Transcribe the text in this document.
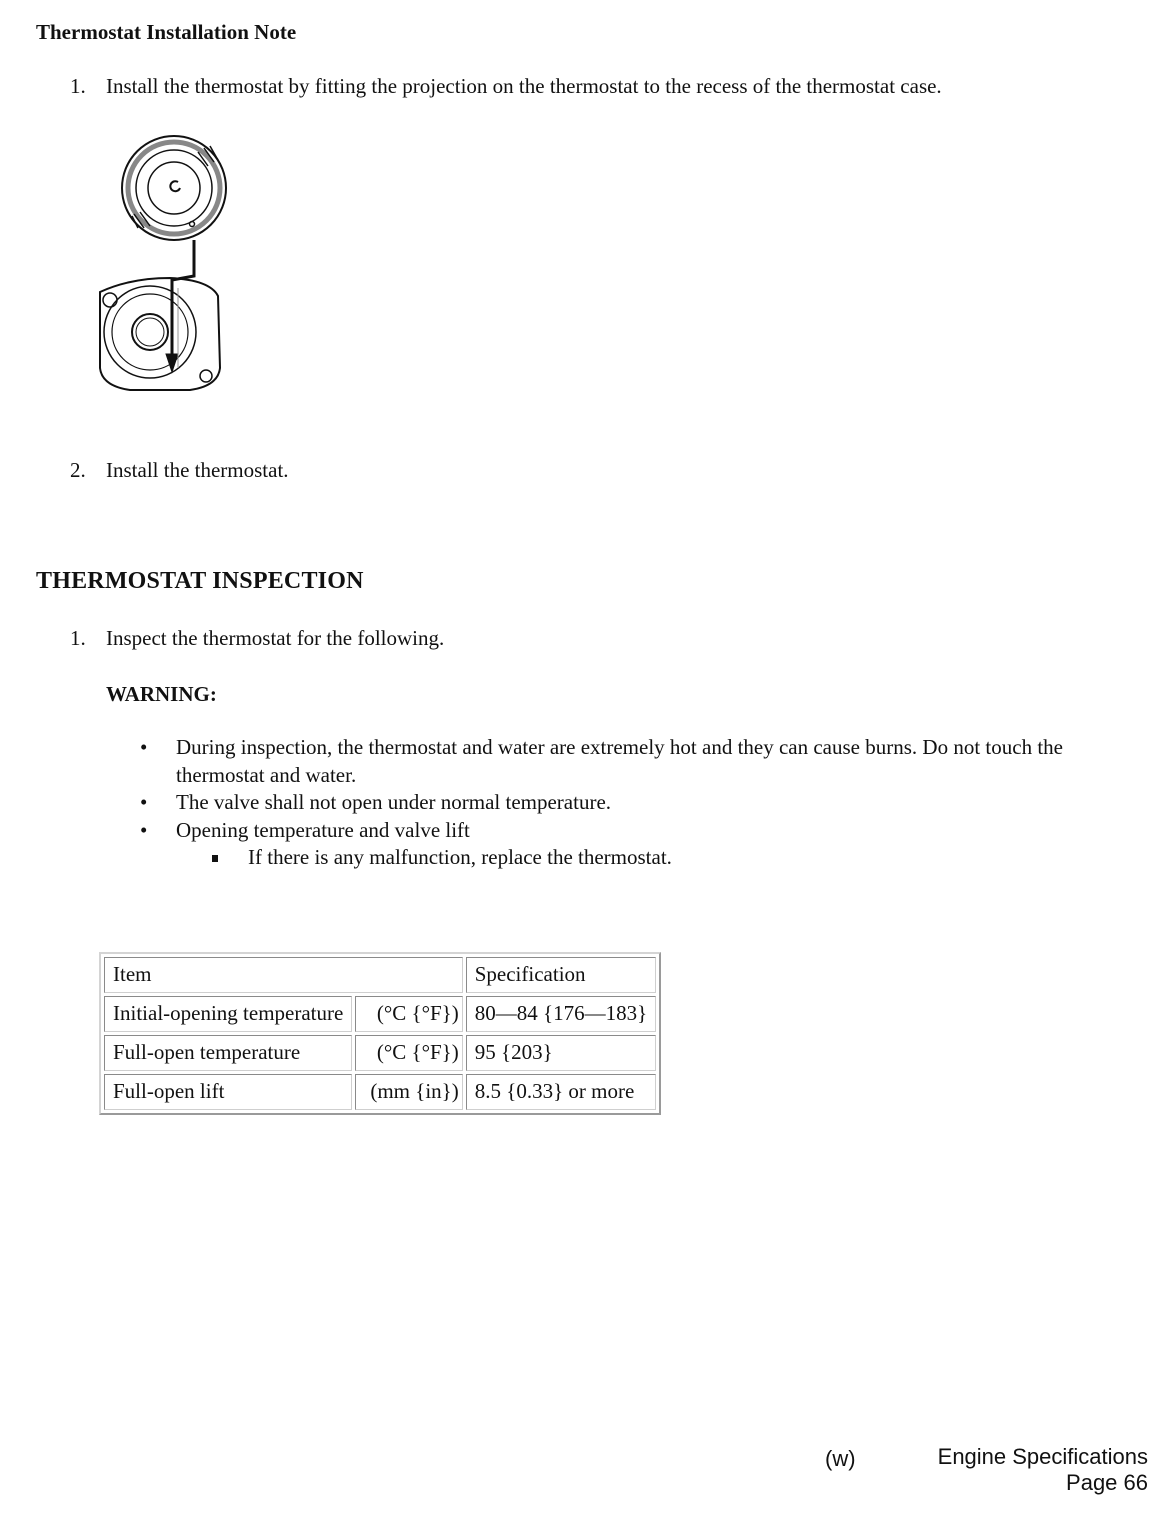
Thermostat Installation Note
1. Install the thermostat by fitting the projection on the thermostat to the recess of the thermostat case.
2. Install the thermostat.
THERMOSTAT INSPECTION
1. Inspect the thermostat for the following.
WARNING:
• During inspection, the thermostat and water are extremely hot and they can cause burns. Do not touch the thermostat and water.
• The valve shall not open under normal temperature.
• Opening temperature and valve lift
If there is any malfunction, replace the thermostat.
Item		Specification
Initial-opening temperature	(°C {°F})	80—84 {176—183}
Full-open temperature	(°C {°F})	95 {203}
Full-open lift	(mm {in})	8.5 {0.33} or more
(w)	Engine Specifications
Page 66
